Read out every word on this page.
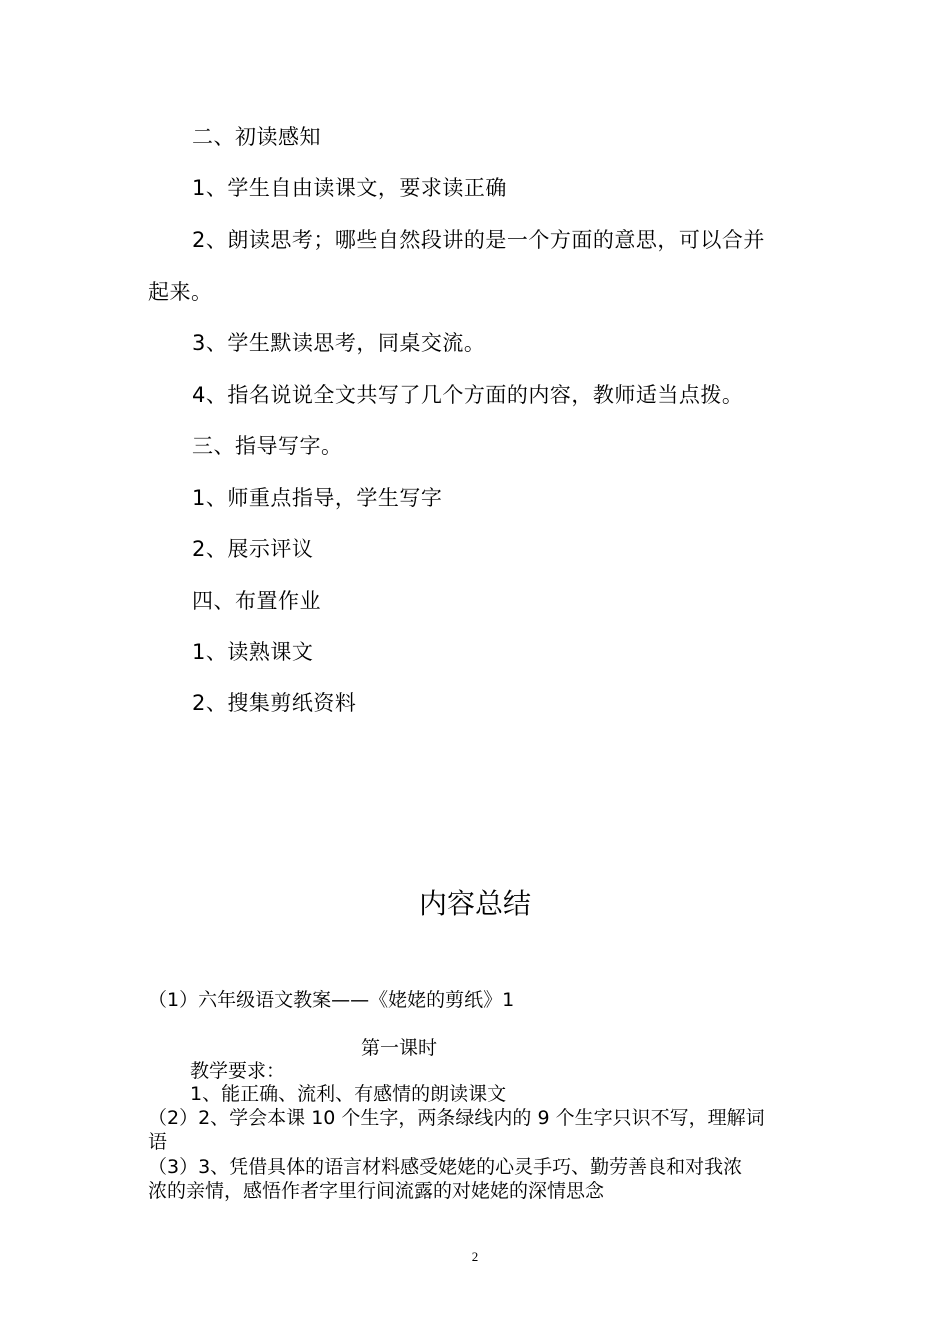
二、初读感知
1、学生自由读课文，要求读正确
2、朗读思考；哪些自然段讲的是一个方面的意思，可以合并
起来。
3、学生默读思考，同桌交流。
4、指名说说全文共写了几个方面的内容，教师适当点拨。
三、指导写字。
1、师重点指导，学生写字
2、展示评议
四、布置作业
1、读熟课文
2、搜集剪纸资料
内容总结
（1）六年级语文教案——《姥姥的剪纸》1
第一课时
教学要求：
1、能正确、流利、有感情的朗读课文
（2）2、学会本课 10 个生字，两条绿线内的 9 个生字只识不写，理解词
语
（3）3、凭借具体的语言材料感受姥姥的心灵手巧、勤劳善良和对我浓
浓的亲情，感悟作者字里行间流露的对姥姥的深情思念
2
